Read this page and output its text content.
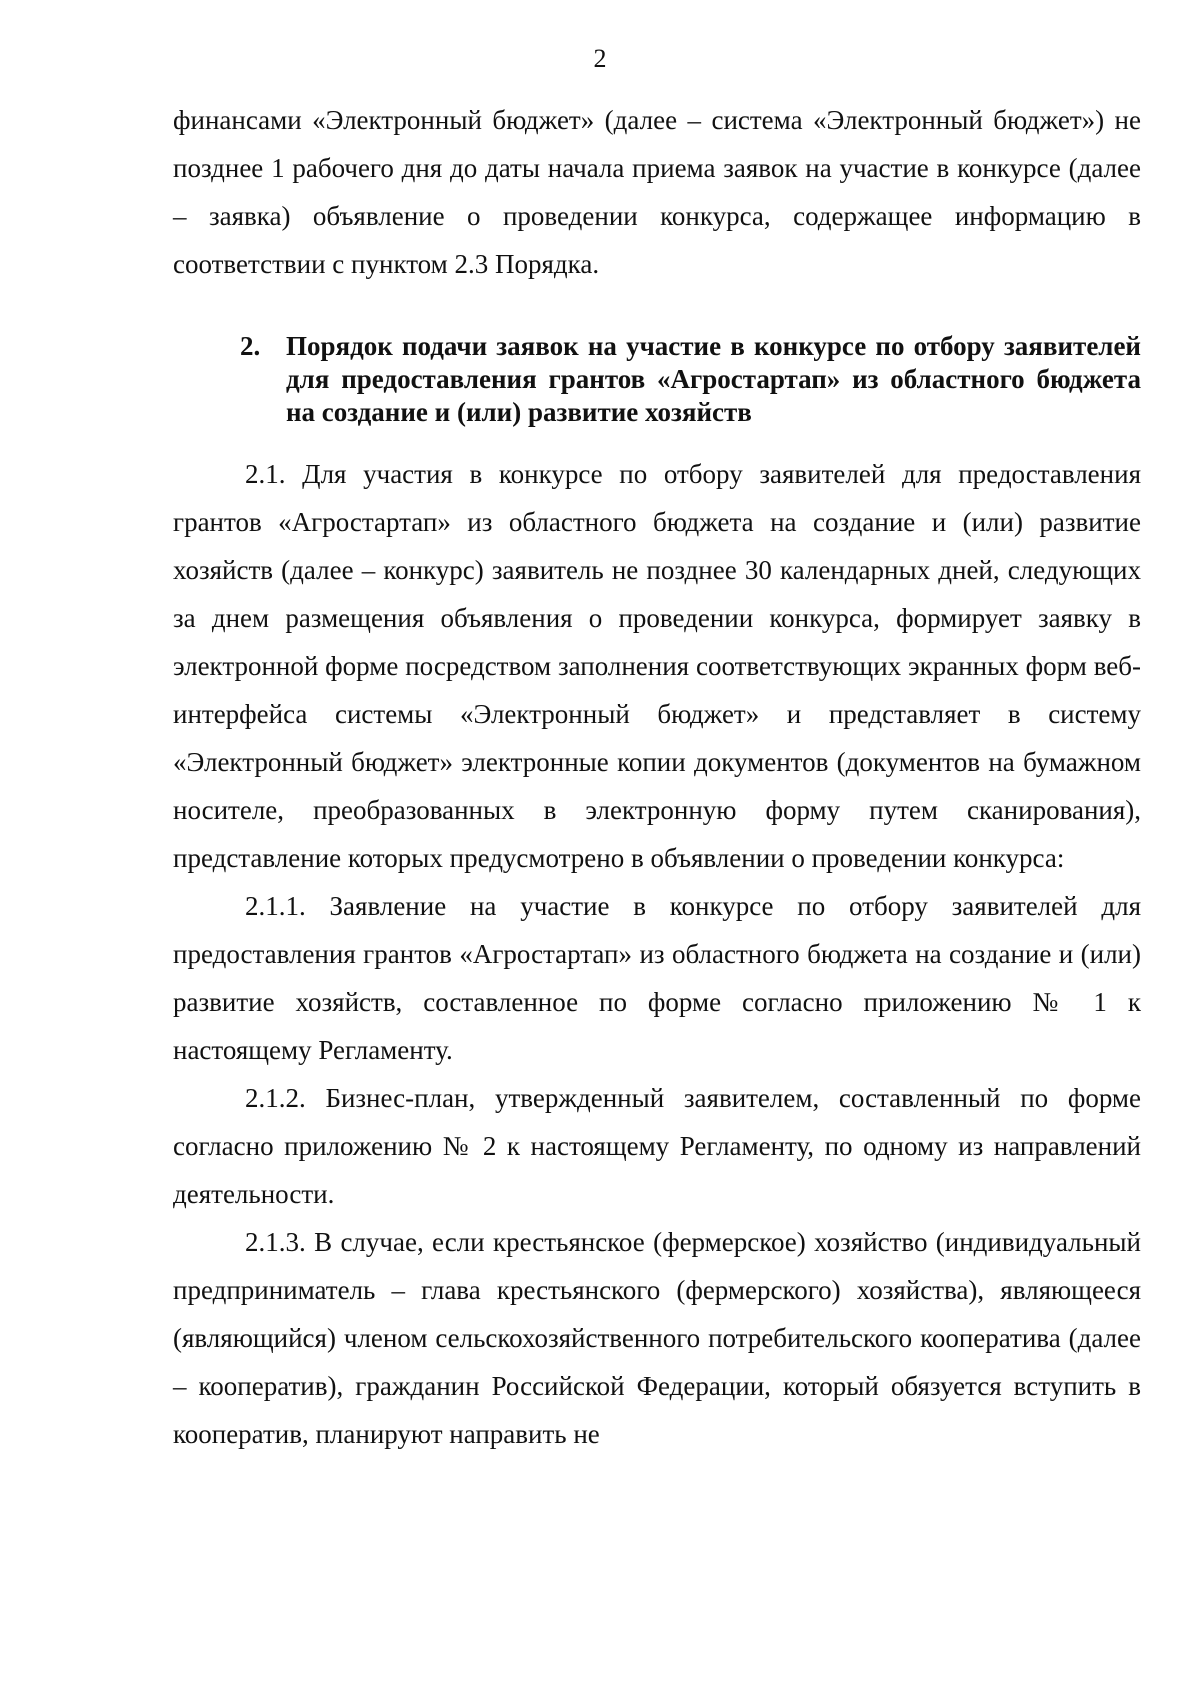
2

финансами «Электронный бюджет» (далее – система «Электронный бюджет») не позднее 1 рабочего дня до даты начала приема заявок на участие в конкурсе (далее – заявка) объявление о проведении конкурса, содержащее информацию в соответствии с пунктом 2.3 Порядка.

2. Порядок подачи заявок на участие в конкурсе по отбору заявителей для предоставления грантов «Агростартап» из областного бюджета на создание и (или) развитие хозяйств

2.1. Для участия в конкурсе по отбору заявителей для предоставления грантов «Агростартап» из областного бюджета на создание и (или) развитие хозяйств (далее – конкурс) заявитель не позднее 30 календарных дней, следующих за днем размещения объявления о проведении конкурса, формирует заявку в электронной форме посредством заполнения соответствующих экранных форм веб-интерфейса системы «Электронный бюджет» и представляет в систему «Электронный бюджет» электронные копии документов (документов на бумажном носителе, преобразованных в электронную форму путем сканирования), представление которых предусмотрено в объявлении о проведении конкурса:

2.1.1. Заявление на участие в конкурсе по отбору заявителей для предоставления грантов «Агростартап» из областного бюджета на создание и (или) развитие хозяйств, составленное по форме согласно приложению № 1 к настоящему Регламенту.

2.1.2. Бизнес-план, утвержденный заявителем, составленный по форме согласно приложению № 2 к настоящему Регламенту, по одному из направлений деятельности.

2.1.3. В случае, если крестьянское (фермерское) хозяйство (индивидуальный предприниматель – глава крестьянского (фермерского) хозяйства), являющееся (являющийся) членом сельскохозяйственного потребительского кооператива (далее – кооператив), гражданин Российской Федерации, который обязуется вступить в кооператив, планируют направить не
